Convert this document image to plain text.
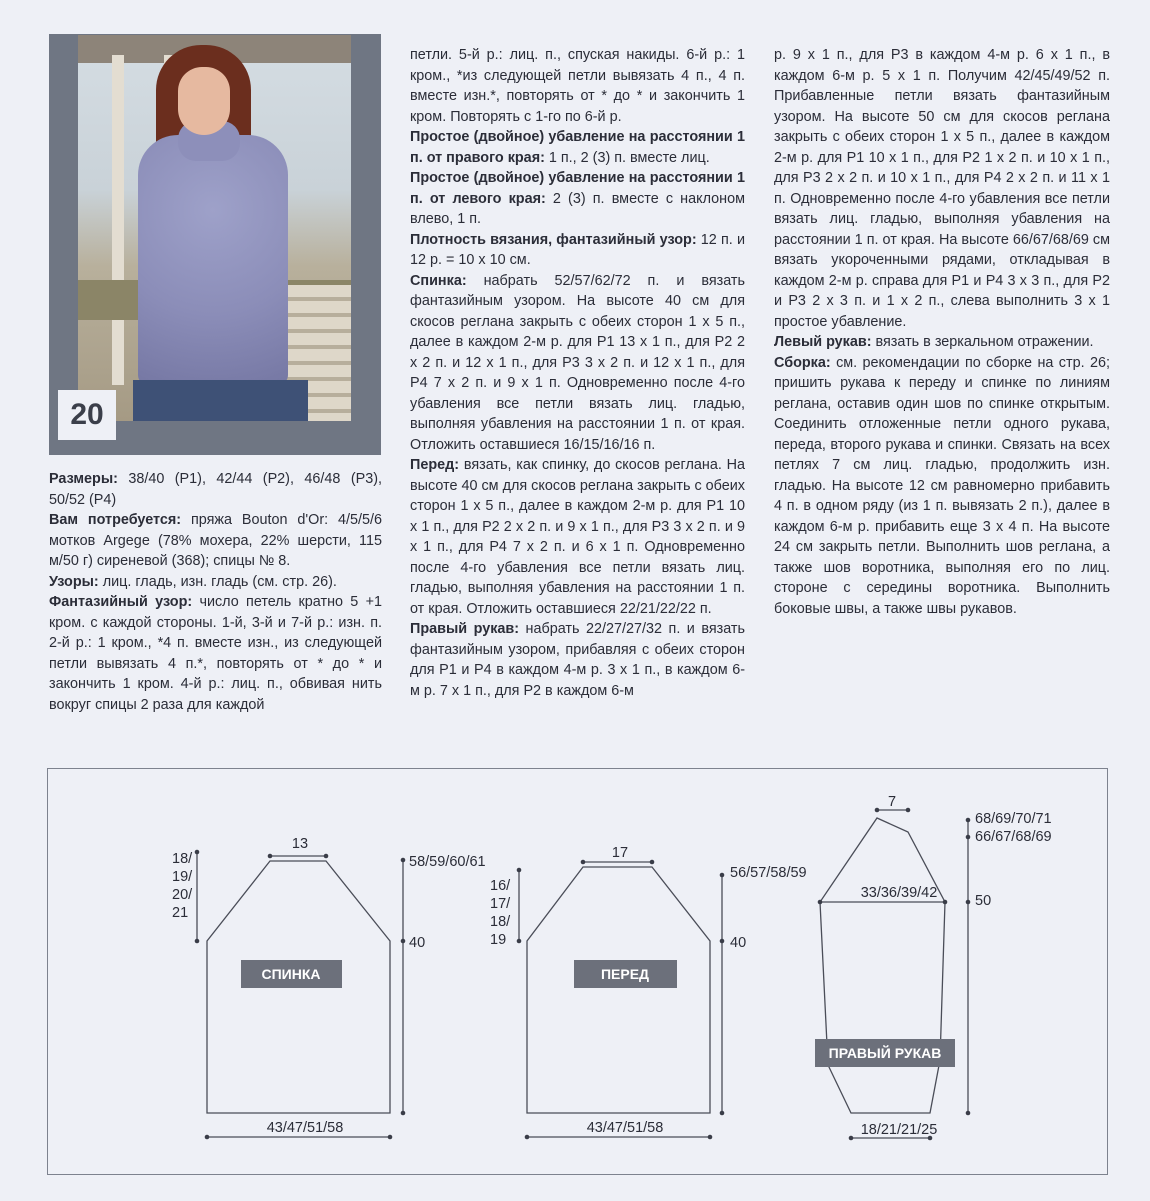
20

Размеры: 38/40 (Р1), 42/44 (Р2), 46/48 (Р3), 50/52 (Р4)

Вам потребуется: пряжа Bouton d'Or: 4/5/5/6 мотков Argege (78% мохера, 22% шерсти, 115 м/50 г) сиреневой (368); спицы № 8.

Узоры: лиц. гладь, изн. гладь (см. стр. 26).

Фантазийный узор: число петель кратно 5 +1 кром. с каждой стороны. 1-й, 3-й и 7-й р.: изн. п. 2-й р.: 1 кром., *4 п. вместе изн., из следующей петли вывязать 4 п.*, повторять от * до * и закончить 1 кром. 4-й р.: лиц. п., обвивая нить вокруг спицы 2 раза для каждой

петли. 5-й р.: лиц. п., спуская накиды. 6-й р.: 1 кром., *из следующей петли вывязать 4 п., 4 п. вместе изн.*, повторять от * до * и закончить 1 кром. Повторять с 1-го по 6-й р.

Простое (двойное) убавление на расстоянии 1 п. от правого края: 1 п., 2 (3) п. вместе лиц.

Простое (двойное) убавление на расстоянии 1 п. от левого края: 2 (3) п. вместе с наклоном влево, 1 п.

Плотность вязания, фантазийный узор: 12 п. и 12 р. = 10 х 10 см.

Спинка: набрать 52/57/62/72 п. и вязать фантазийным узором. На высоте 40 см для скосов реглана закрыть с обеих сторон 1 х 5 п., далее в каждом 2-м р. для Р1 13 х 1 п., для Р2 2 х 2 п. и 12 х 1 п., для Р3 3 х 2 п. и 12 х 1 п., для Р4 7 х 2 п. и 9 х 1 п. Одновременно после 4-го убавления все петли вязать лиц. гладью, выполняя убавления на расстоянии 1 п. от края. Отложить оставшиеся 16/15/16/16 п.

Перед: вязать, как спинку, до скосов реглана. На высоте 40 см для скосов реглана закрыть с обеих сторон 1 х 5 п., далее в каждом 2-м р. для Р1 10 х 1 п., для Р2 2 х 2 п. и 9 х 1 п., для Р3 3 х 2 п. и 9 х 1 п., для Р4 7 х 2 п. и 6 х 1 п. Одновременно после 4-го убавления все петли вязать лиц. гладью, выполняя убавления на расстоянии 1 п. от края. Отложить оставшиеся 22/21/22/22 п.

Правый рукав: набрать 22/27/27/32 п. и вязать фантазийным узором, прибавляя с обеих сторон для Р1 и Р4 в каждом 4-м р. 3 х 1 п., в каждом 6-м р. 7 х 1 п., для Р2 в каждом 6-м

р. 9 х 1 п., для Р3 в каждом 4-м р. 6 х 1 п., в каждом 6-м р. 5 х 1 п. Получим 42/45/49/52 п. Прибавленные петли вязать фантазийным узором. На высоте 50 см для скосов реглана закрыть с обеих сторон 1 х 5 п., далее в каждом 2-м р. для Р1 10 х 1 п., для Р2 1 х 2 п. и 10 х 1 п., для Р3 2 х 2 п. и 10 х 1 п., для Р4 2 х 2 п. и 11 х 1 п. Одновременно после 4-го убавления все петли вязать лиц. гладью, выполняя убавления на расстоянии 1 п. от края. На высоте 66/67/68/69 см вязать укороченными рядами, откладывая в каждом 2-м р. справа для Р1 и Р4 3 х 3 п., для Р2 и Р3 2 х 3 п. и 1 х 2 п., слева выполнить 3 х 1 простое убавление.

Левый рукав: вязать в зеркальном отражении.

Сборка: см. рекомендации по сборке на стр. 26; пришить рукава к переду и спинке по линиям реглана, оставив один шов по спинке открытым. Соединить отложенные петли одного рукава, переда, второго рукава и спинки. Связать на всех петлях 7 см лиц. гладью, продолжить изн. гладью. На высоте 12 см равномерно прибавить 4 п. в одном ряду (из 1 п. вывязать 2 п.), далее в каждом 6-м р. прибавить еще 3 х 4 п. На высоте 24 см закрыть петли. Выполнить шов реглана, а также шов воротника, выполняя его по лиц. стороне с середины воротника. Выполнить боковые швы, а также швы рукавов.

СПИНКА	ПЕРЕД
ПРАВЫЙ РУКАВ
13
18/
19/
20/
21
58/59/60/61
40
43/47/51/58
17
16/
17/
18/
19
56/57/58/59
40
43/47/51/58
7
68/69/70/71
66/67/68/69
33/36/39/42	50
18/21/21/25
